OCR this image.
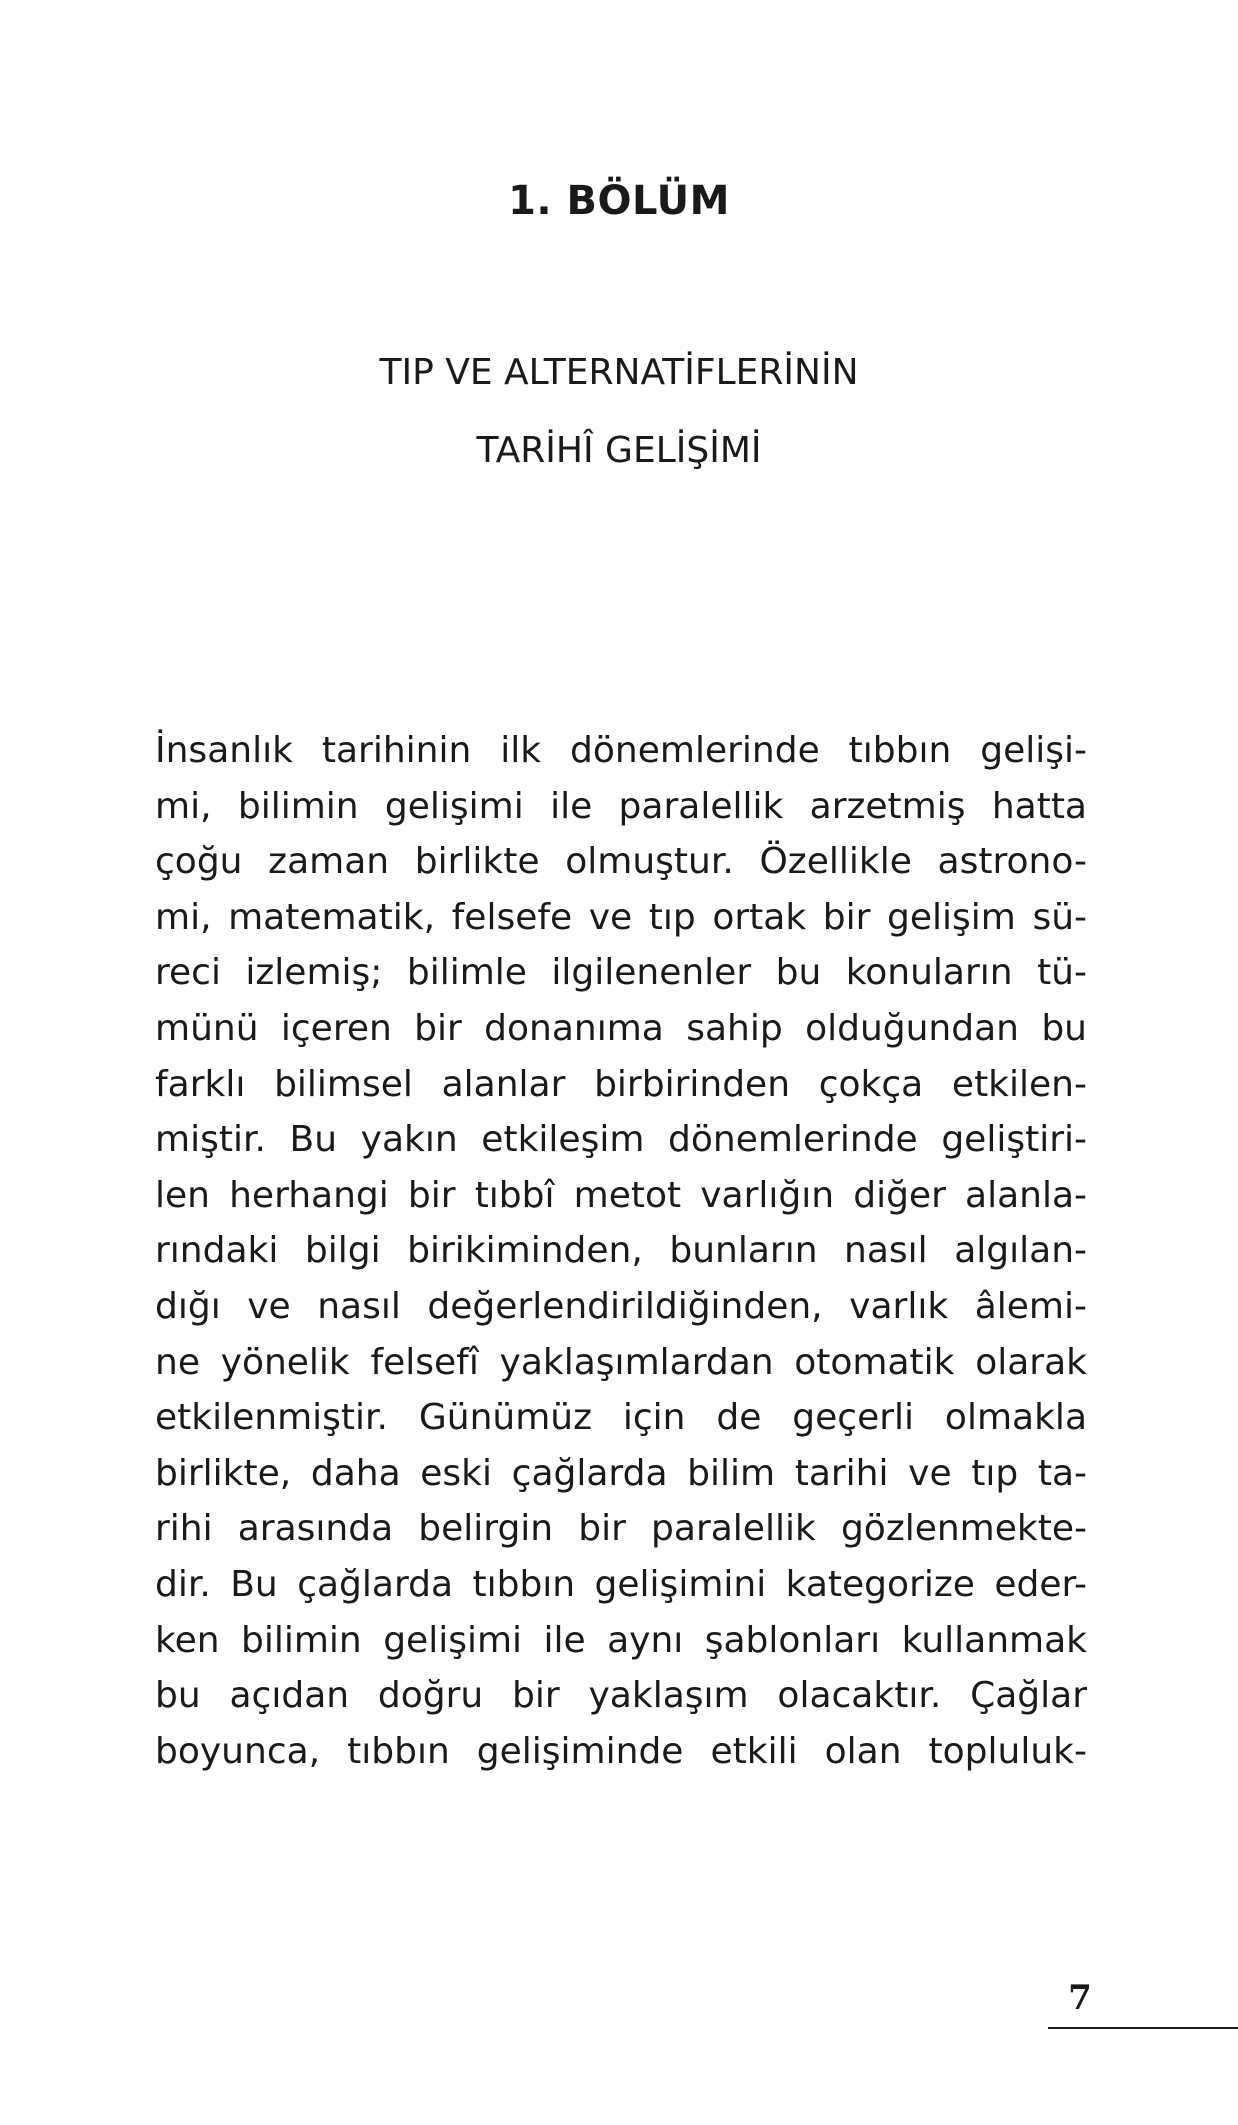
1. BÖLÜM
TIP VE ALTERNATİFLERİNİN
TARİHÎ GELİŞİMİ
İnsanlık tarihinin ilk dönemlerinde tıbbın gelişi-
mi, bilimin gelişimi ile paralellik arzetmiş hatta
çoğu zaman birlikte olmuştur. Özellikle astrono-
mi, matematik, felsefe ve tıp ortak bir gelişim sü-
reci izlemiş; bilimle ilgilenenler bu konuların tü-
münü içeren bir donanıma sahip olduğundan bu
farklı bilimsel alanlar birbirinden çokça etkilen-
miştir. Bu yakın etkileşim dönemlerinde geliştiri-
len herhangi bir tıbbî metot varlığın diğer alanla-
rındaki bilgi birikiminden, bunların nasıl algılan-
dığı ve nasıl değerlendirildiğinden, varlık âlemi-
ne yönelik felsefî yaklaşımlardan otomatik olarak
etkilenmiştir. Günümüz için de geçerli olmakla
birlikte, daha eski çağlarda bilim tarihi ve tıp ta-
rihi arasında belirgin bir paralellik gözlenmekte-
dir. Bu çağlarda tıbbın gelişimini kategorize eder-
ken bilimin gelişimi ile aynı şablonları kullanmak
bu açıdan doğru bir yaklaşım olacaktır. Çağlar
boyunca, tıbbın gelişiminde etkili olan topluluk-
7
